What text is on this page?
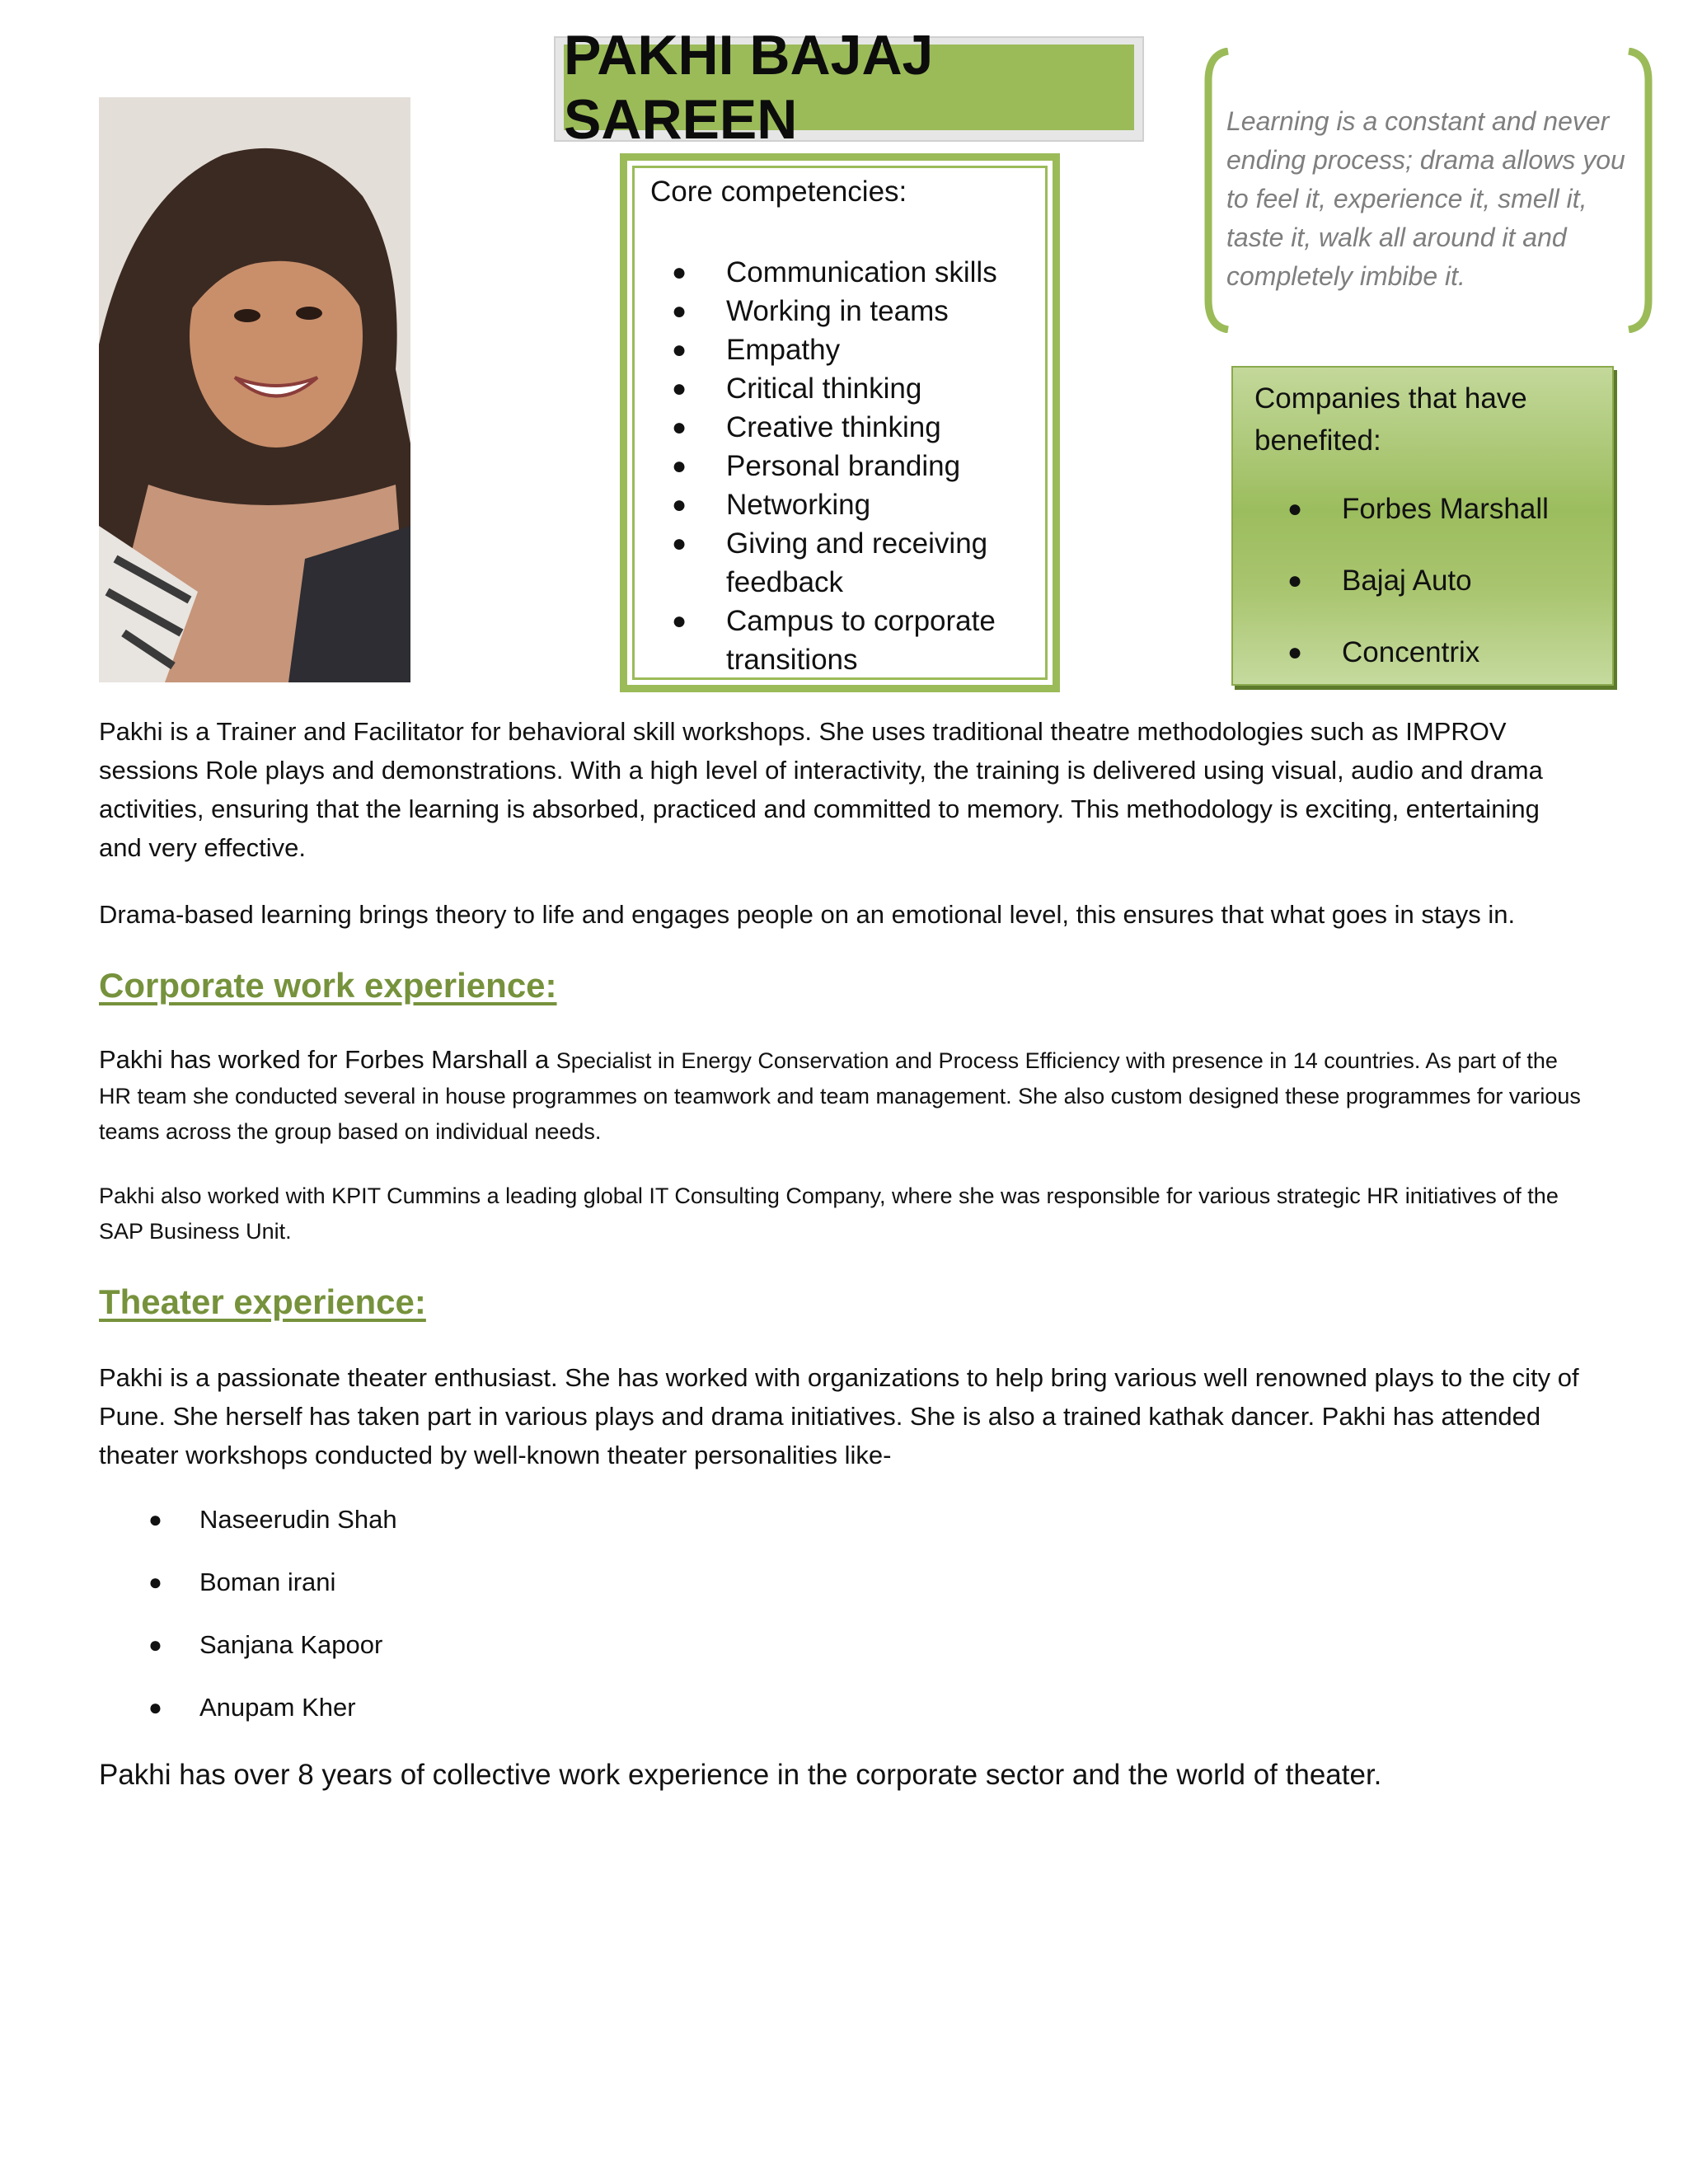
PAKHI BAJAJ SAREEN
Core competencies:
● Communication skills
● Working in teams
● Empathy
● Critical thinking
● Creative thinking
● Personal branding
● Networking
● Giving and receiving feedback
● Campus to corporate transitions
Learning is a constant and never ending process; drama allows you to feel it, experience it, smell it, taste it, walk all around it and completely imbibe it.
Companies that have benefited:
● Forbes Marshall
● Bajaj Auto
● Concentrix
Pakhi is a Trainer and Facilitator for behavioral skill workshops. She uses traditional theatre methodologies such as IMPROV sessions Role plays and demonstrations. With a high level of interactivity, the training is delivered using visual, audio and drama activities, ensuring that the learning is absorbed, practiced and committed to memory. This methodology is exciting, entertaining and very effective.
Drama-based learning brings theory to life and engages people on an emotional level, this ensures that what goes in stays in.
Corporate work experience:
Pakhi has worked for Forbes Marshall a Specialist in Energy Conservation and Process Efficiency with presence in 14 countries. As part of the HR team she conducted several in house programmes on teamwork and team management. She also custom designed these programmes for various teams across the group based on individual needs.
Pakhi also worked with KPIT Cummins a leading global IT Consulting Company, where she was responsible for various strategic HR initiatives of the SAP Business Unit.
Theater experience:
Pakhi is a passionate theater enthusiast. She has worked with organizations to help bring various well renowned plays to the city of Pune. She herself has taken part in various plays and drama initiatives. She is also a trained kathak dancer. Pakhi has attended theater workshops conducted by well-known theater personalities like-
● Naseerudin Shah
● Boman irani
● Sanjana Kapoor
● Anupam Kher
Pakhi has over 8 years of collective work experience in the corporate sector and the world of theater.
